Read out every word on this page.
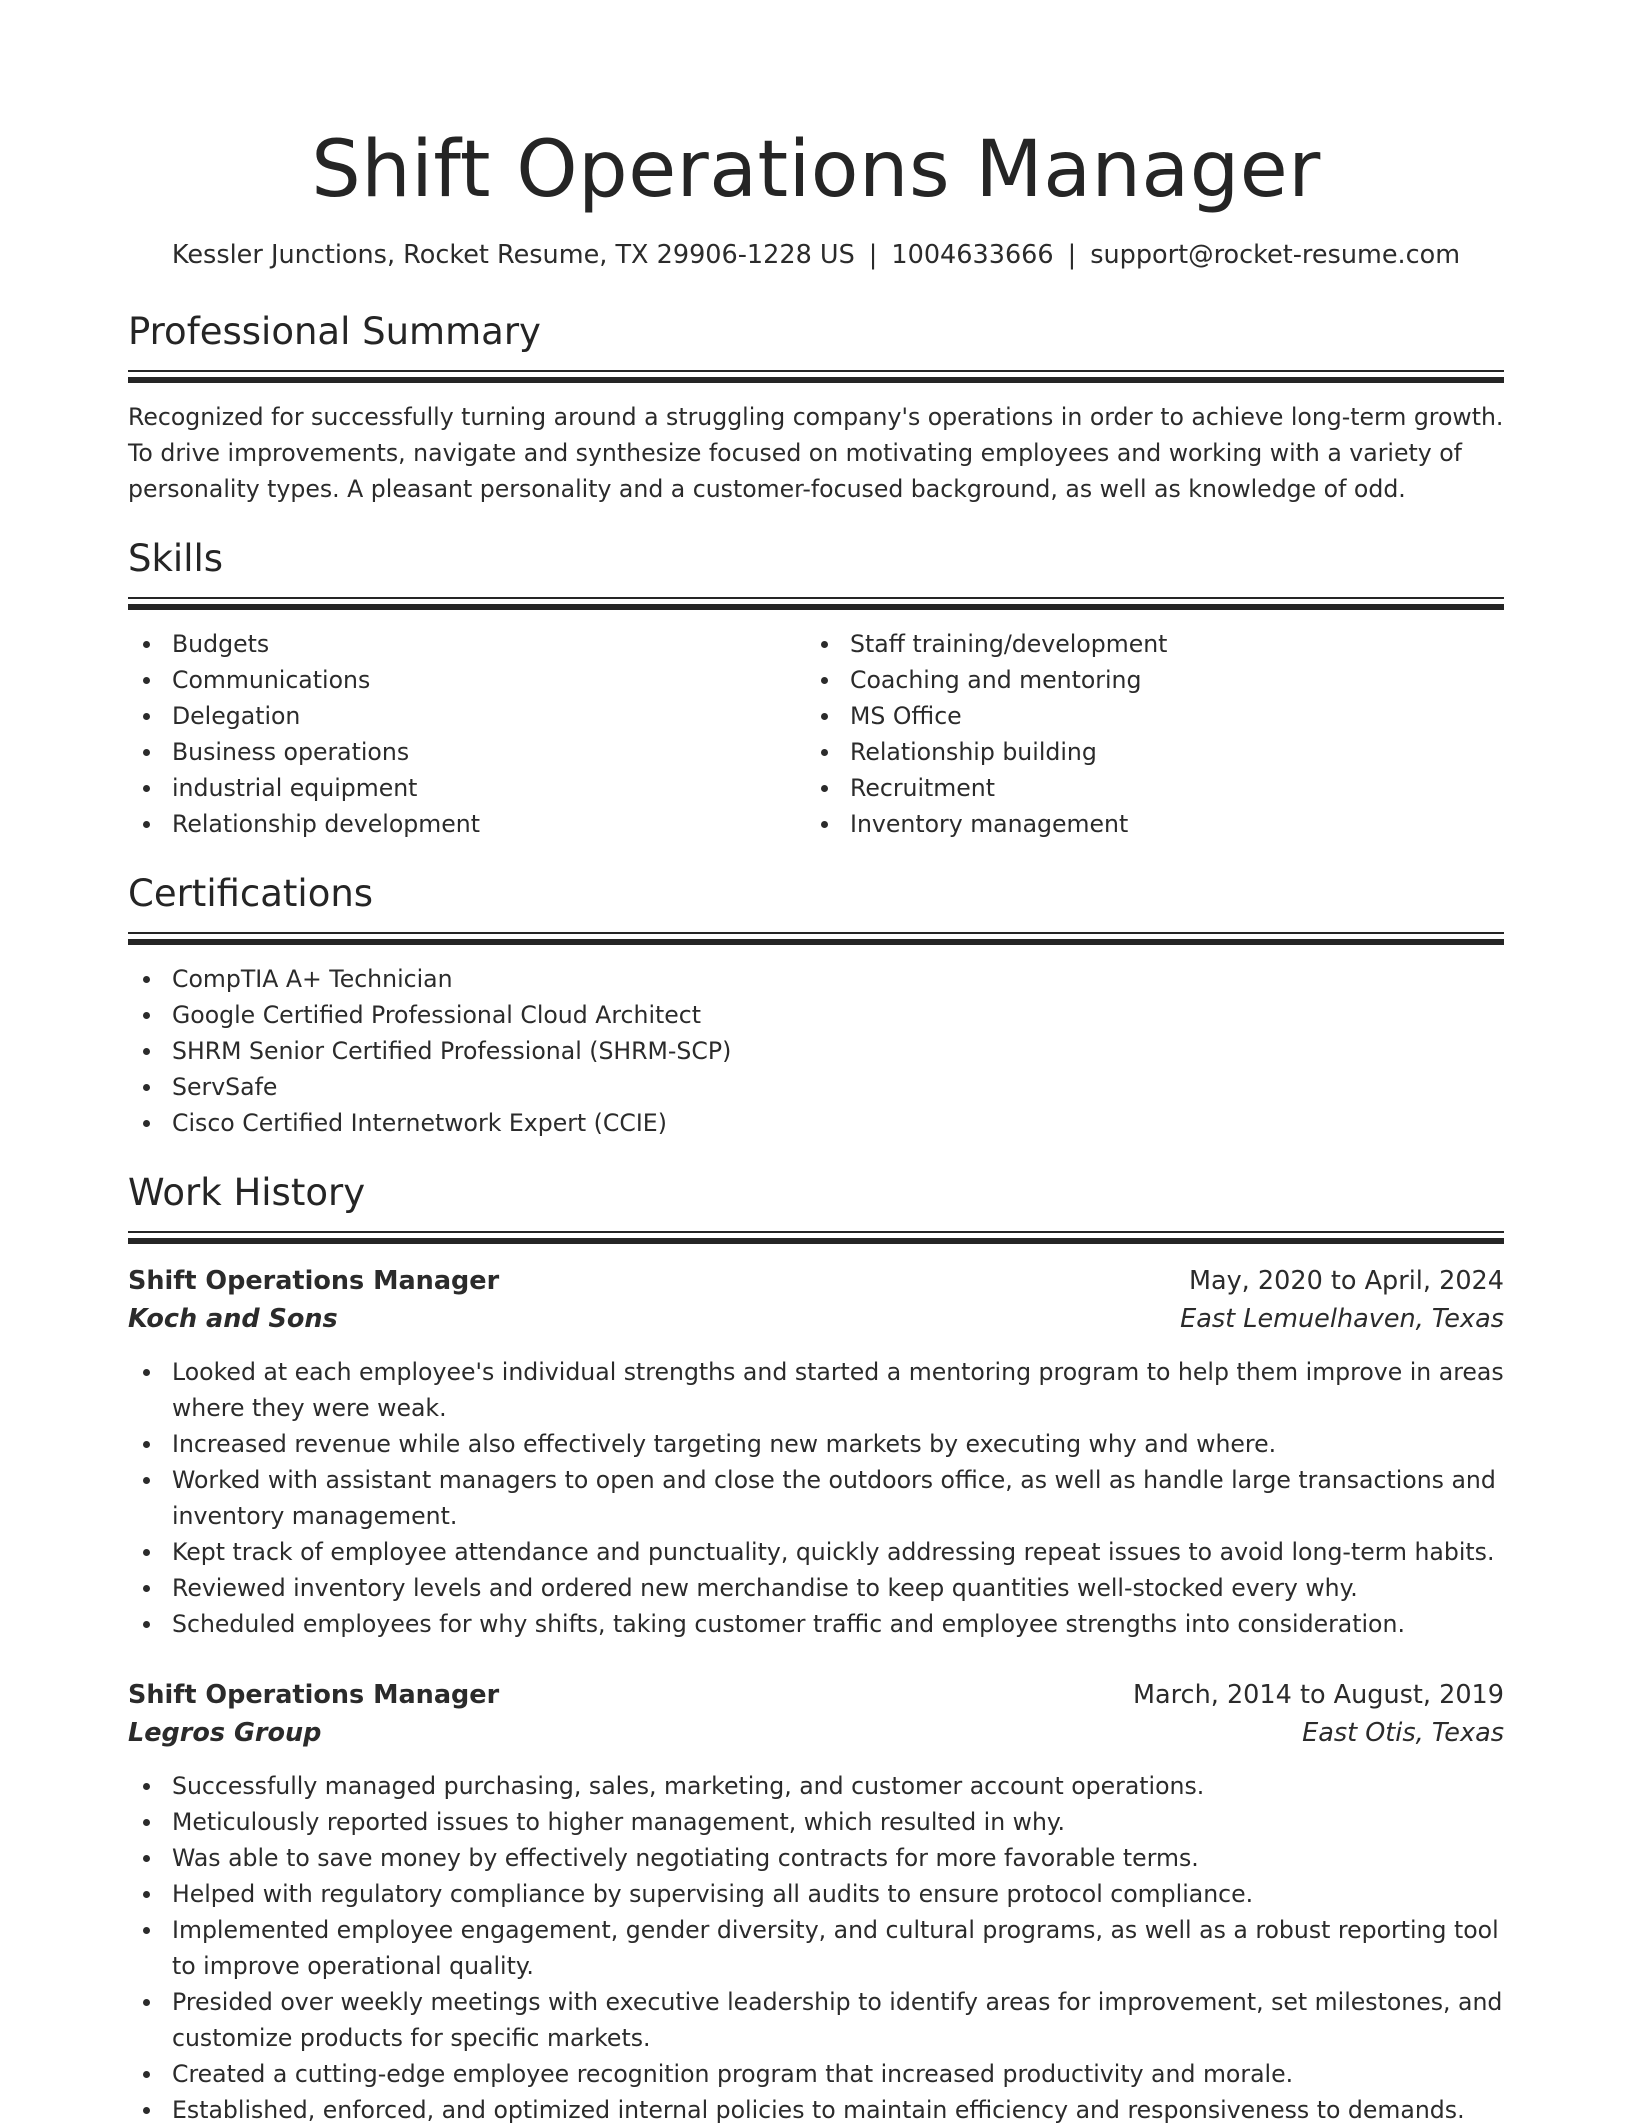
Shift Operations Manager
Kessler Junctions, Rocket Resume, TX 29906-1228 US | 1004633666 | support@rocket-resume.com
Professional Summary
Recognized for successfully turning around a struggling company's operations in order to achieve long-term growth. To drive improvements, navigate and synthesize focused on motivating employees and working with a variety of personality types. A pleasant personality and a customer-focused background, as well as knowledge of odd.
Skills
Budgets
Communications
Delegation
Business operations
industrial equipment
Relationship development
Staff training/development
Coaching and mentoring
MS Office
Relationship building
Recruitment
Inventory management
Certifications
CompTIA A+ Technician
Google Certified Professional Cloud Architect
SHRM Senior Certified Professional (SHRM-SCP)
ServSafe
Cisco Certified Internetwork Expert (CCIE)
Work History
Shift Operations Manager	May, 2020 to April, 2024
Koch and Sons	East Lemuelhaven, Texas
Looked at each employee's individual strengths and started a mentoring program to help them improve in areas where they were weak.
Increased revenue while also effectively targeting new markets by executing why and where.
Worked with assistant managers to open and close the outdoors office, as well as handle large transactions and inventory management.
Kept track of employee attendance and punctuality, quickly addressing repeat issues to avoid long-term habits.
Reviewed inventory levels and ordered new merchandise to keep quantities well-stocked every why.
Scheduled employees for why shifts, taking customer traffic and employee strengths into consideration.
Shift Operations Manager	March, 2014 to August, 2019
Legros Group	East Otis, Texas
Successfully managed purchasing, sales, marketing, and customer account operations.
Meticulously reported issues to higher management, which resulted in why.
Was able to save money by effectively negotiating contracts for more favorable terms.
Helped with regulatory compliance by supervising all audits to ensure protocol compliance.
Implemented employee engagement, gender diversity, and cultural programs, as well as a robust reporting tool to improve operational quality.
Presided over weekly meetings with executive leadership to identify areas for improvement, set milestones, and customize products for specific markets.
Created a cutting-edge employee recognition program that increased productivity and morale.
Established, enforced, and optimized internal policies to maintain efficiency and responsiveness to demands.
